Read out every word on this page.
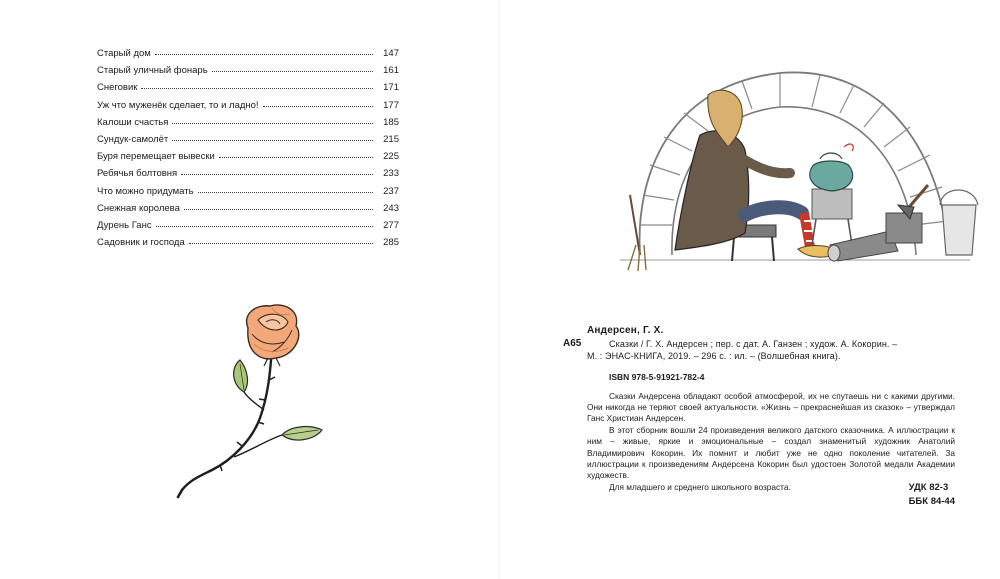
Старый дом	147
Старый уличный фонарь	161
Снеговик	171
Уж что муженёк сделает, то и ладно!	177
Калоши счастья	185
Сундук-самолёт	215
Буря перемещает вывески	225
Ребячья болтовня	233
Что можно придумать	237
Снежная королева	243
Дурень Ганс	277
Садовник и господа	285
Андерсен, Г. Х.
А65	Сказки / Г. Х. Андерсен ; пер. с дат. А. Ганзен ; худож. А. Кокорин. –

М. : ЭНАС-КНИГА, 2019. – 296 с. : ил. – (Волшебная книга).

ISBN 978-5-91921-782-4

Сказки Андерсена обладают особой атмосферой, их не спутаешь ни с какими другими. Они никогда не теряют своей актуальности. «Жизнь – прекраснейшая из сказок» – утверждал Ганс Христиан Андерсен.

В этот сборник вошли 24 произведения великого датского сказочника. А иллюстрации к ним – живые, яркие и эмоциональные – создал знаменитый художник Анатолий Владимирович Кокорин. Их помнит и любит уже не одно поколение читателей. За иллюстрации к произведениям Андерсена Кокорин был удостоен Золотой медали Академии художеств.

Для младшего и среднего школьного возраста.	УДК 82-3
ББК 84-44
